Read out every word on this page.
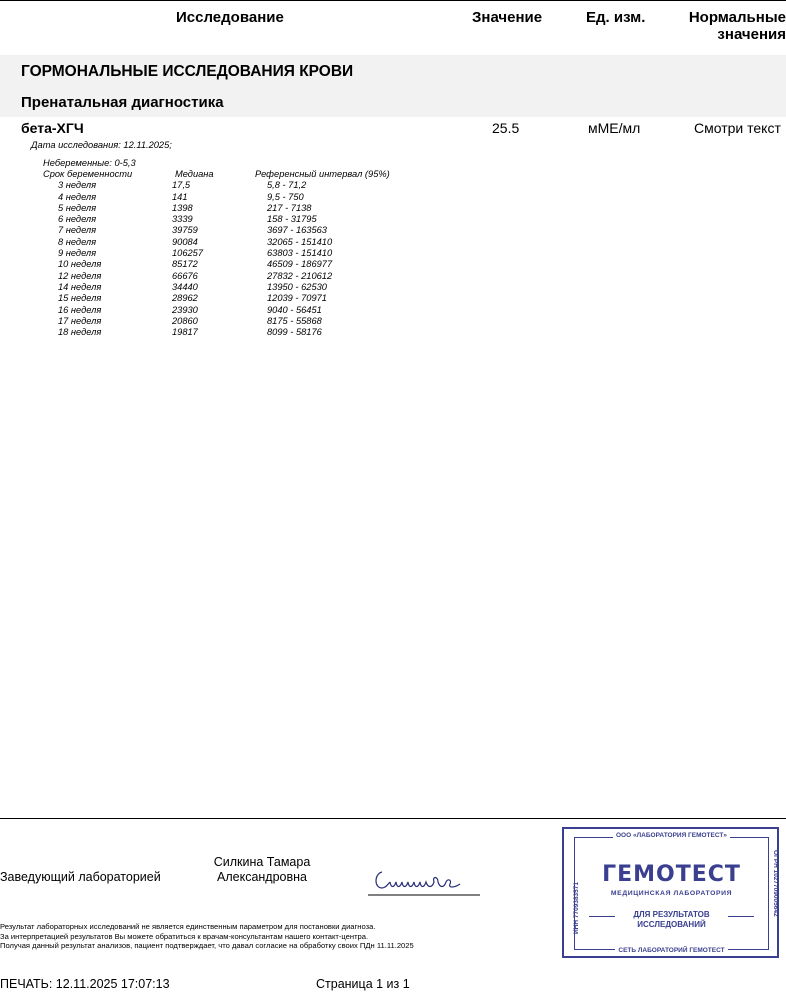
Исследование	Значение	Ед. изм.	Нормальные
значения
ГОРМОНАЛЬНЫЕ ИССЛЕДОВАНИЯ КРОВИ
Пренатальная диагностика
бета-ХГЧ	25.5	мМЕ/мл	Смотри текст
Дата исследования: 12.11.2025;
Небеременные: 0-5,3
Срок беременности	Медиана	Референсный интервал (95%)
3 неделя	17,5	5,8 - 71,2
4 неделя	141	9,5 - 750
5 неделя	1398	217 - 7138
6 неделя	3339	158 - 31795
7 неделя	39759	3697 - 163563
8 неделя	90084	32065 - 151410
9 неделя	106257	63803 - 151410
10 неделя	85172	46509 - 186977
12 неделя	66676	27832 - 210612
14 неделя	34440	13950 - 62530
15 неделя	28962	12039 - 70971
16 неделя	23930	9040 - 56451
17 неделя	20860	8175 - 55868
18 неделя	19817	8099 - 58176
Заведующий лабораторией
Силкина Тамара
Александровна
Результат лабораторных исследований не является единственным параметром для постановки диагноза.
За интерпретацией результатов Вы можете обратиться к врачам-консультантам нашего контакт-центра.
Получая данный результат анализов, пациент подтверждает, что давал согласие на обработку своих ПДн 11.11.2025
ПЕЧАТЬ: 12.11.2025 17:07:13	Страница 1 из 1
ООО «ЛАБОРАТОРИЯ ГЕМОТЕСТ»
ГЕМОТЕСТ
МЕДИЦИНСКАЯ ЛАБОРАТОРИЯ
ДЛЯ РЕЗУЛЬТАТОВ
ИССЛЕДОВАНИЙ
СЕТЬ ЛАБОРАТОРИЙ ГЕМОТЕСТ
ИНН 7709383571	ОГРН 1027709005642
